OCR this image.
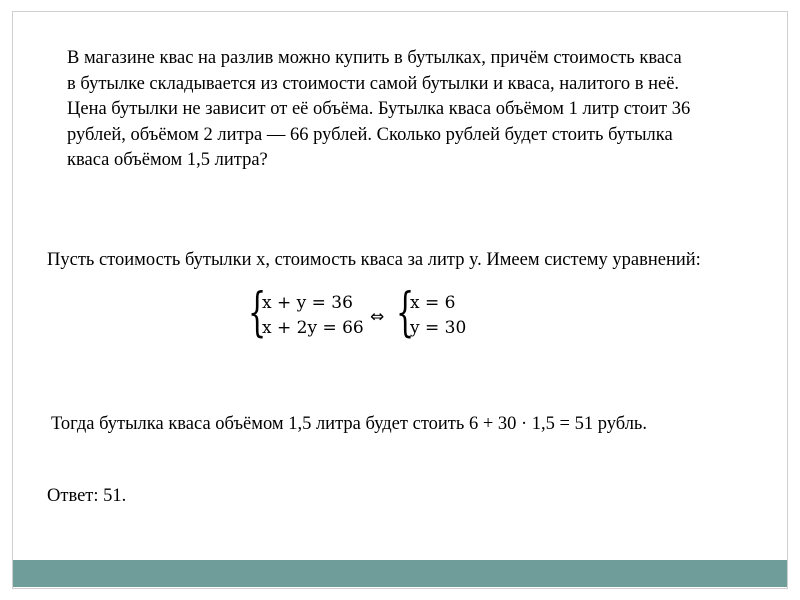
В магазине квас на разлив можно купить в бутылках, причём стоимость кваса

в бутылке складывается из стоимости самой бутылки и кваса, налитого в неё.

Цена бутылки не зависит от её объёма. Бутылка кваса объёмом 1 литр стоит 36

рублей, объёмом 2 литра — 66 рублей. Сколько рублей будет стоить бутылка

кваса объёмом 1,5 литра?

Пусть стоимость бутылки x, стоимость кваса за литр y. Имеем систему уравнений:
{
x + y = 36
x + 2y = 66
⇔ {
x = 6
y = 30
Тогда бутылка кваса объёмом 1,5 литра будет стоить 6 + 30 · 1,5 = 51 рубль.
Ответ: 51.
